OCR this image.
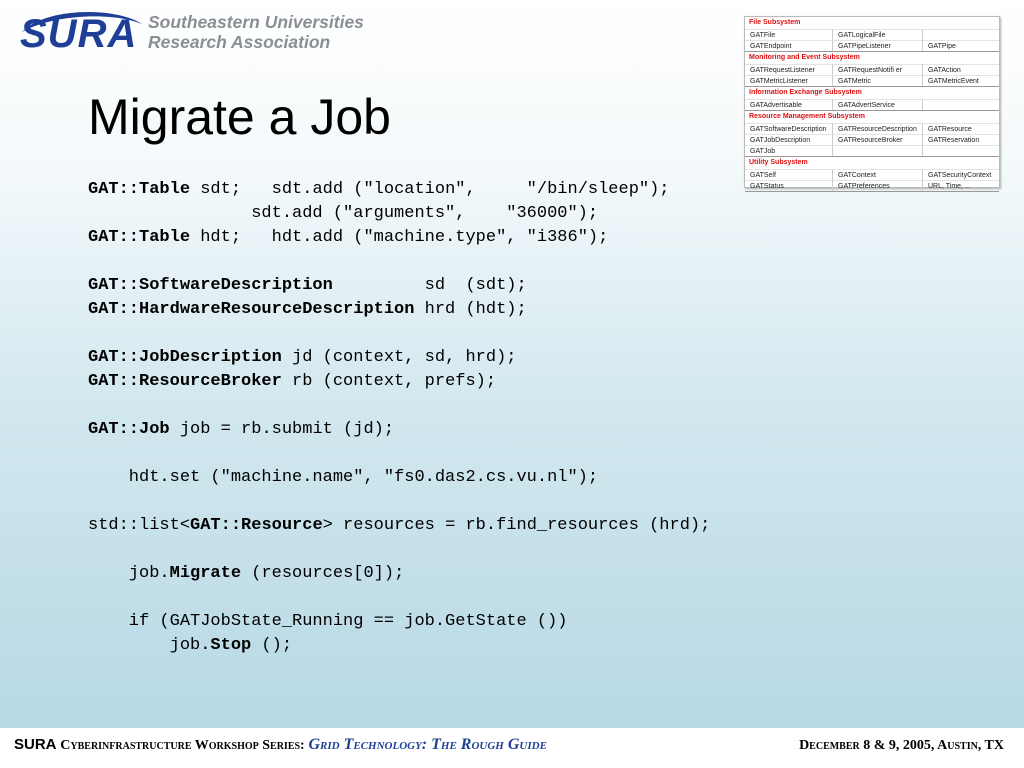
SURA Southeastern Universities
Research Association
Migrate a Job
File Subsystem
GATFile	GATLogicalFile
GATEndpoint	GATPipeListener	GATPipe
Monitoring and Event Subsystem
GATRequestListener	GATRequestNotifi er	GATAction
GATMetricListener	GATMetric	GATMetricEvent
Information Exchange Subsystem
GATAdvertisable	GATAdvertService
Resource Management Subsystem
GATSoftwareDescription	GATResourceDescription	GATResource
GATJobDescription	GATResourceBroker	GATReservation
GATJob
Utility Subsystem
GATSelf	GATContext	GATSecurityContext
GATStatus	GATPreferences	URL, Time, ...
GAT::Table sdt;   sdt.add ("location",     "/bin/sleep");
sdt.add ("arguments",    "36000");
GAT::Table hdt;   hdt.add ("machine.type", "i386");

GAT::SoftwareDescription         sd  (sdt);
GAT::HardwareResourceDescription hrd (hdt);

GAT::JobDescription jd (context, sd, hrd);
GAT::ResourceBroker rb (context, prefs);

GAT::Job job = rb.submit (jd);

hdt.set ("machine.name", "fs0.das2.cs.vu.nl");

std::list<GAT::Resource> resources = rb.find_resources (hrd);

job.Migrate (resources[0]);

if (GATJobState_Running == job.GetState ())
job.Stop ();
SURA Cyberinfrastructure Workshop Series: Grid Technology: The Rough Guide	December 8 & 9, 2005, Austin, TX
